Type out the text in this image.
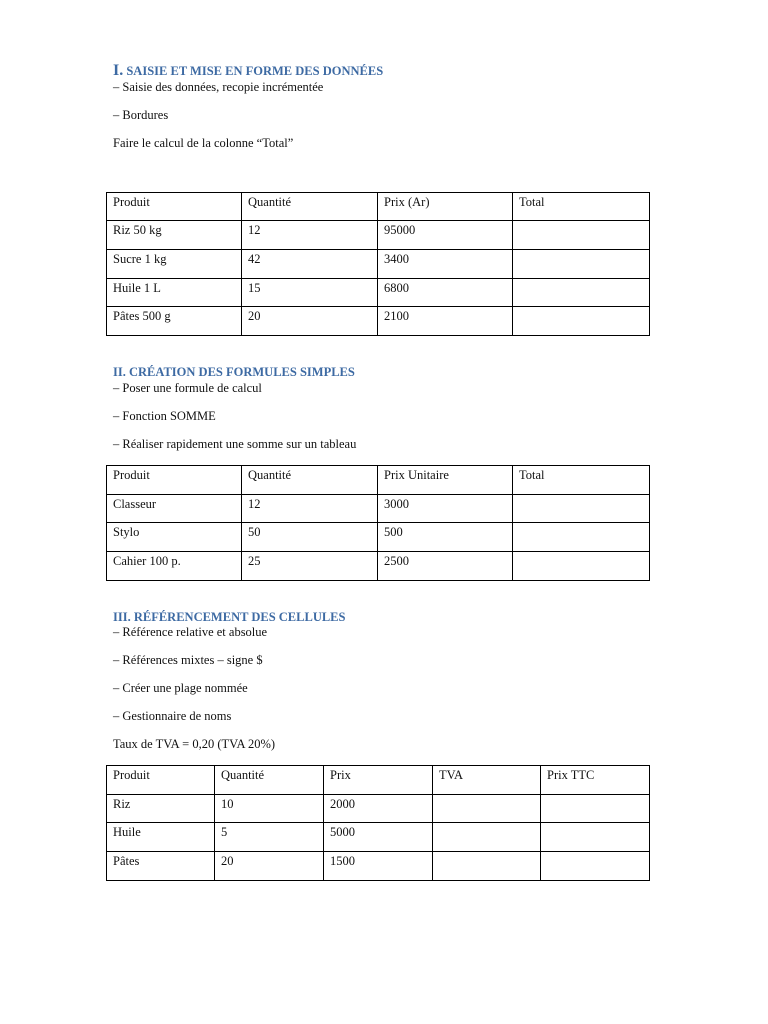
I. SAISIE ET MISE EN FORME DES DONNÉES
– Saisie des données, recopie incrémentée
– Bordures
Faire le calcul de la colonne “Total”
Produit	Quantité	Prix (Ar)	Total
Riz 50 kg	12	95000	
Sucre 1 kg	42	3400	
Huile 1 L	15	6800	
Pâtes 500 g	20	2100	
II. CRÉATION DES FORMULES SIMPLES
– Poser une formule de calcul
– Fonction SOMME
– Réaliser rapidement une somme sur un tableau
Produit	Quantité	Prix Unitaire	Total
Classeur	12	3000	
Stylo	50	500	
Cahier 100 p.	25	2500	
III. RÉFÉRENCEMENT DES CELLULES
– Référence relative et absolue
– Références mixtes – signe $
– Créer une plage nommée
– Gestionnaire de noms
Taux de TVA = 0,20 (TVA 20%)
Produit	Quantité	Prix	TVA	Prix TTC
Riz	10	2000		
Huile	5	5000		
Pâtes	20	1500		
